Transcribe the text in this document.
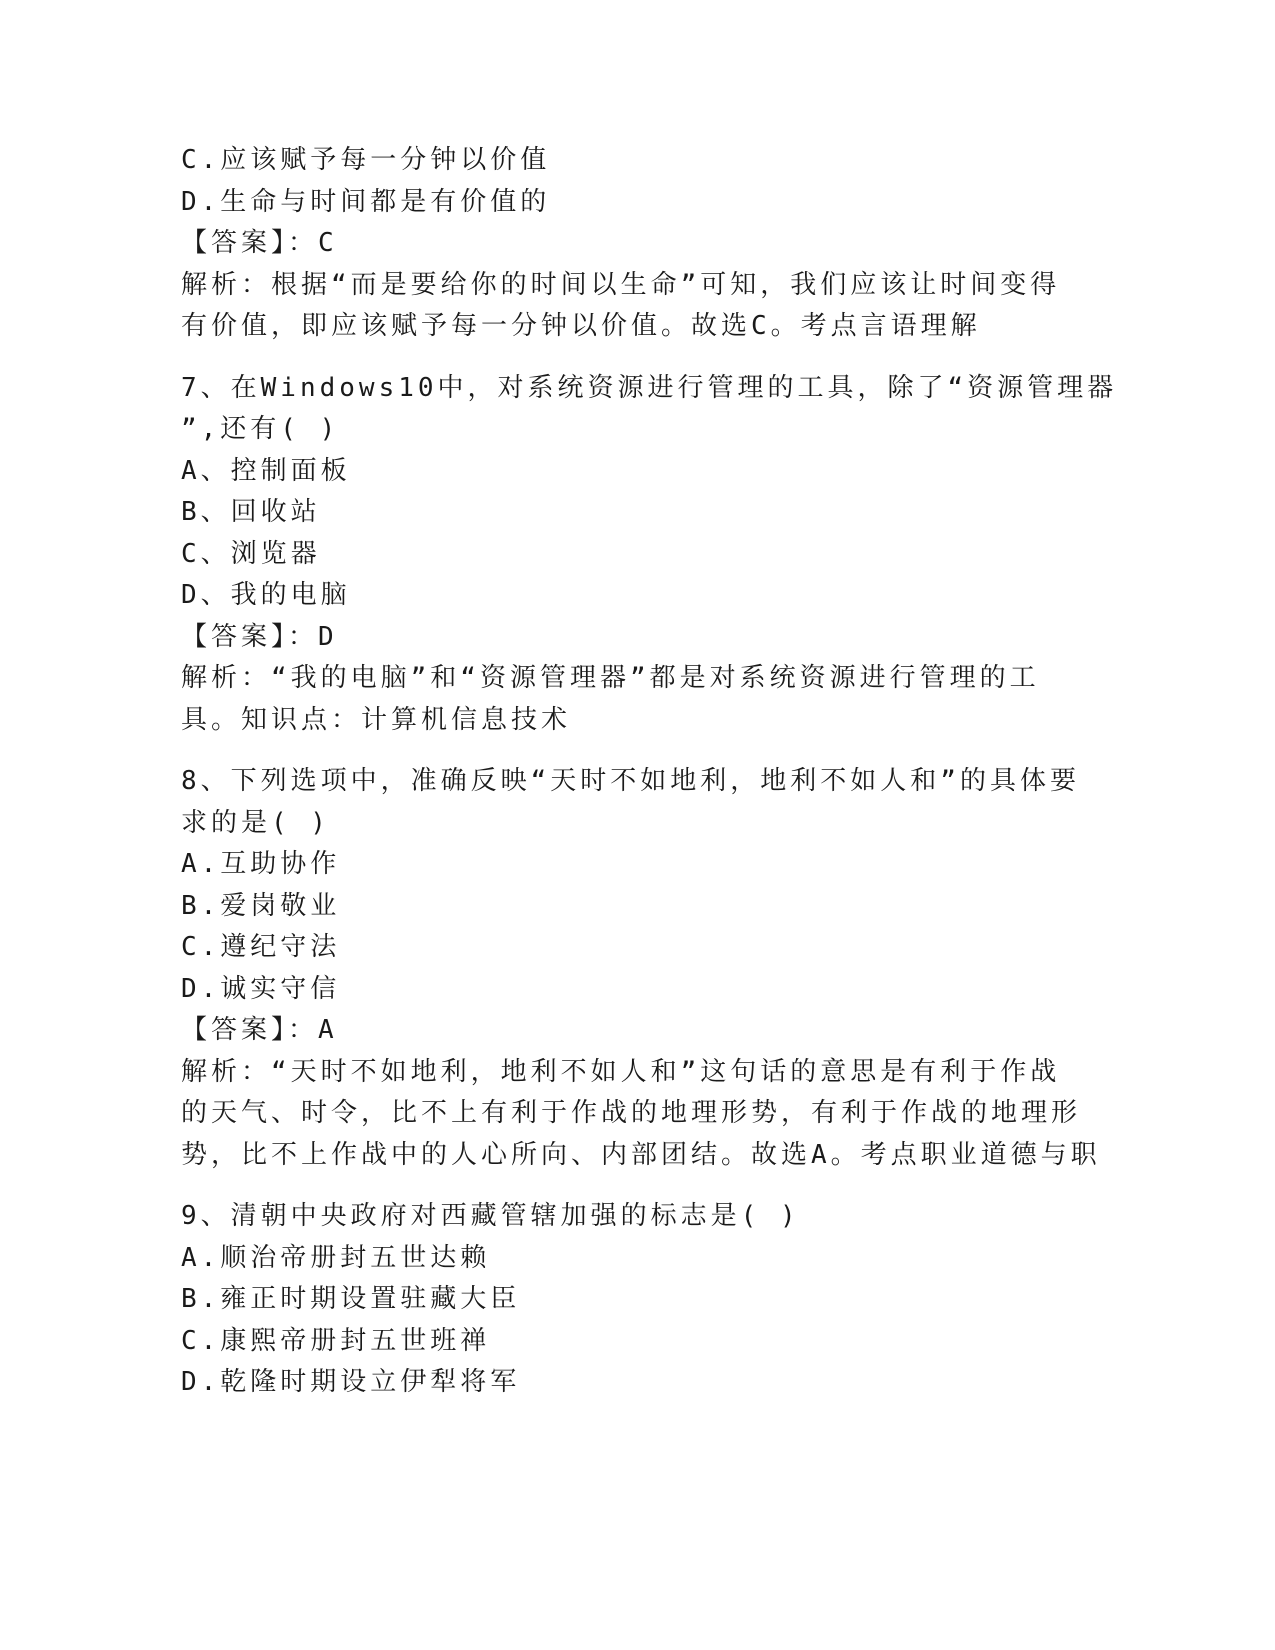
C.应该赋予每一分钟以价值
D.生命与时间都是有价值的
【答案】：C
解析：根据“而是要给你的时间以生命”可知，我们应该让时间变得
有价值，即应该赋予每一分钟以价值。故选C。考点言语理解
7、在Windows10中，对系统资源进行管理的工具，除了“资源管理器
”,还有( )
A、控制面板
B、回收站
C、浏览器
D、我的电脑
【答案】：D
解析：“我的电脑”和“资源管理器”都是对系统资源进行管理的工
具。知识点：计算机信息技术
8、下列选项中，准确反映“天时不如地利，地利不如人和”的具体要
求的是( )
A.互助协作
B.爱岗敬业
C.遵纪守法
D.诚实守信
【答案】：A
解析：“天时不如地利，地利不如人和”这句话的意思是有利于作战
的天气、时令，比不上有利于作战的地理形势，有利于作战的地理形
势，比不上作战中的人心所向、内部团结。故选A。考点职业道德与职
9、清朝中央政府对西藏管辖加强的标志是( )
A.顺治帝册封五世达赖
B.雍正时期设置驻藏大臣
C.康熙帝册封五世班禅
D.乾隆时期设立伊犁将军
